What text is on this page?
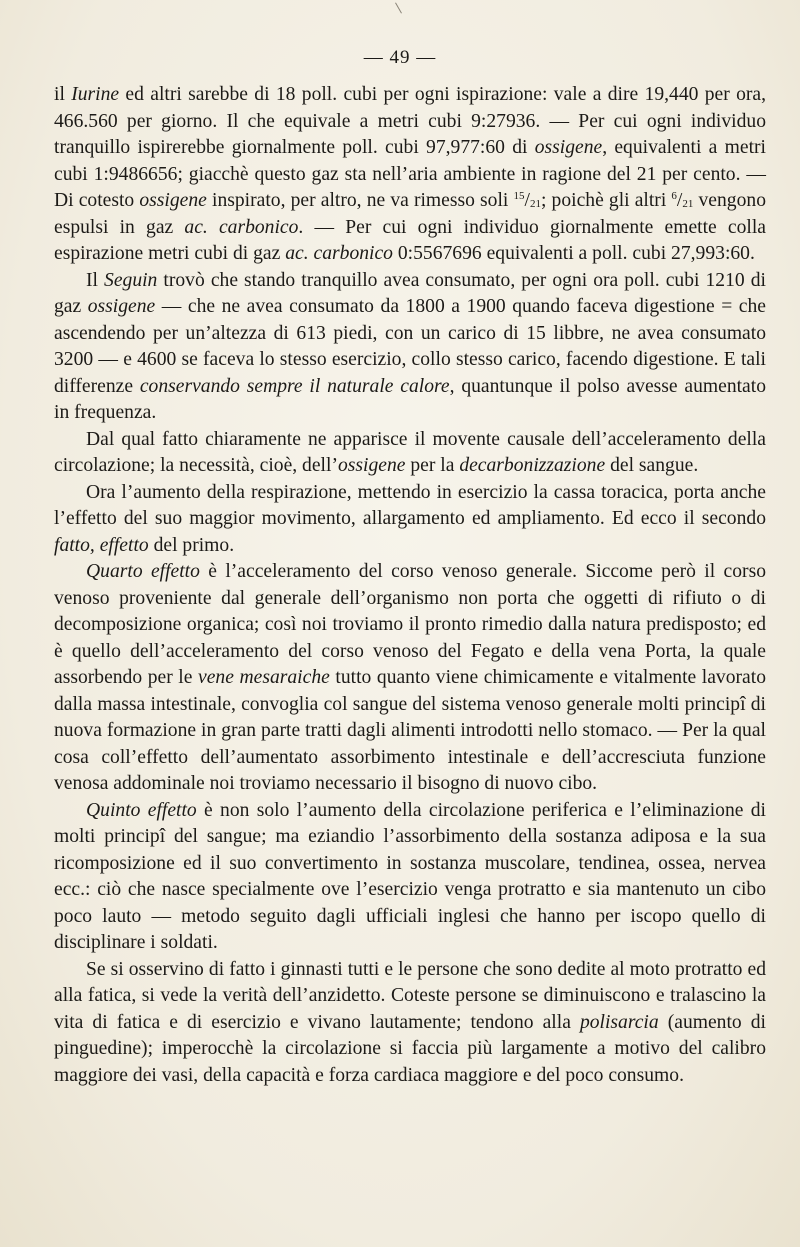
— 49 —

il Iurine ed altri sarebbe di 18 poll. cubi per ogni ispirazione: vale a dire 19,440 per ora, 466.560 per giorno. Il che equivale a metri cubi 9:27936. — Per cui ogni individuo tranquillo ispirerebbe giornalmente poll. cubi 97,977:60 di ossigene, equivalenti a metri cubi 1:9486656; giacchè questo gaz sta nell’aria ambiente in ragione del 21 per cento. — Di cotesto ossigene inspirato, per altro, ne va rimesso soli $^{15}/_{21}$; poichè gli altri $^6/_{21}$ vengono espulsi in gaz ac. carbonico. — Per cui ogni individuo giornalmente emette colla espirazione metri cubi di gaz ac. carbonico 0:5567696 equivalenti a poll. cubi 27,993:60.

Il Seguin trovò che stando tranquillo avea consumato, per ogni ora poll. cubi 1210 di gaz ossigene — che ne avea consumato da 1800 a 1900 quando faceva digestione = che ascendendo per un’altezza di 613 piedi, con un carico di 15 libbre, ne avea consumato 3200 — e 4600 se faceva lo stesso esercizio, collo stesso carico, facendo digestione. E tali differenze conservando sempre il naturale calore, quantunque il polso avesse aumentato in frequenza.

Dal qual fatto chiaramente ne apparisce il movente causale dell’acceleramento della circolazione; la necessità, cioè, dell’ossigene per la decarbonizzazione del sangue.

Ora l’aumento della respirazione, mettendo in esercizio la cassa toracica, porta anche l’effetto del suo maggior movimento, allargamento ed ampliamento. Ed ecco il secondo fatto, effetto del primo.

Quarto effetto è l’acceleramento del corso venoso generale. Siccome però il corso venoso proveniente dal generale dell’organismo non porta che oggetti di rifiuto o di decomposizione organica; così noi troviamo il pronto rimedio dalla natura predisposto; ed è quello dell’acceleramento del corso venoso del Fegato e della vena Porta, la quale assorbendo per le vene mesaraiche tutto quanto viene chimicamente e vitalmente lavorato dalla massa intestinale, convoglia col sangue del sistema venoso generale molti principî di nuova formazione in gran parte tratti dagli alimenti introdotti nello stomaco. — Per la qual cosa coll’effetto dell’aumentato assorbimento intestinale e dell’accresciuta funzione venosa addominale noi troviamo necessario il bisogno di nuovo cibo.

Quinto effetto è non solo l’aumento della circolazione periferica e l’eliminazione di molti principî del sangue; ma eziandio l’assorbimento della sostanza adiposa e la sua ricomposizione ed il suo convertimento in sostanza muscolare, tendinea, ossea, nervea ecc.: ciò che nasce specialmente ove l’esercizio venga protratto e sia mantenuto un cibo poco lauto — metodo seguito dagli ufficiali inglesi che hanno per iscopo quello di disciplinare i soldati.

Se si osservino di fatto i ginnasti tutti e le persone che sono dedite al moto protratto ed alla fatica, si vede la verità dell’anzidetto. Coteste persone se diminuiscono e tralascino la vita di fatica e di esercizio e vivano lautamente; tendono alla polisarcia (aumento di pinguedine); imperocchè la circolazione si faccia più largamente a motivo del calibro maggiore dei vasi, della capacità e forza cardiaca maggiore e del poco consumo.
